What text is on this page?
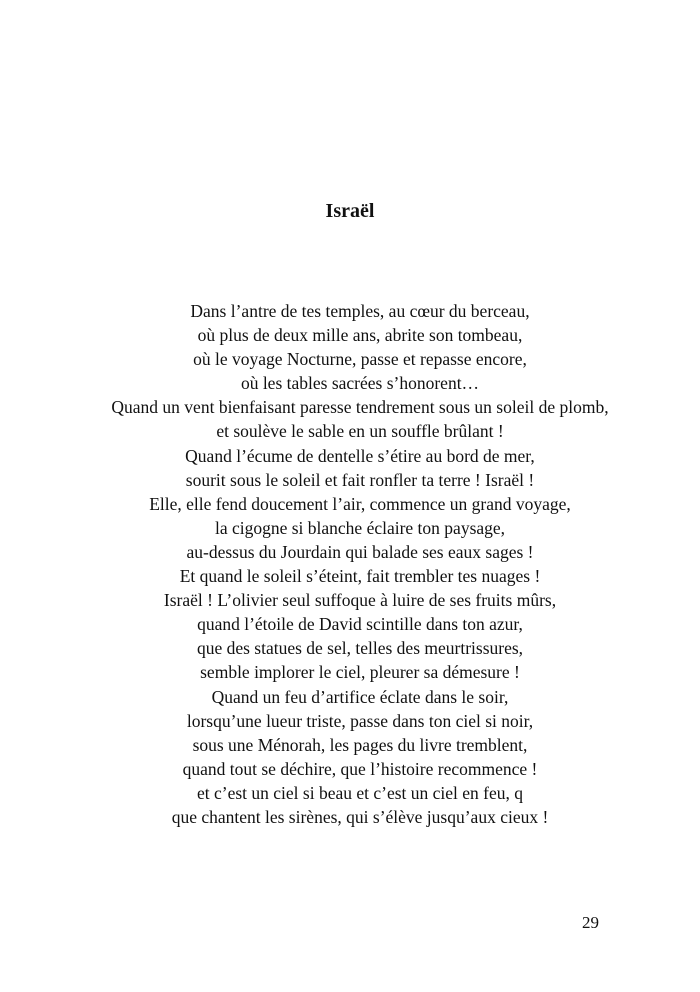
Israël
Dans l’antre de tes temples, au cœur du berceau,
où plus de deux mille ans, abrite son tombeau,
où le voyage Nocturne, passe et repasse encore,
où les tables sacrées s’honorent…
Quand un vent bienfaisant paresse tendrement sous un soleil de plomb,
et soulève le sable en un souffle brûlant !
Quand l’écume de dentelle s’étire au bord de mer,
sourit sous le soleil et fait ronfler ta terre ! Israël !
Elle, elle fend doucement l’air, commence un grand voyage,
la cigogne si blanche éclaire ton paysage,
au-dessus du Jourdain qui balade ses eaux sages !
Et quand le soleil s’éteint, fait trembler tes nuages !
Israël ! L’olivier seul suffoque à luire de ses fruits mûrs,
quand l’étoile de David scintille dans ton azur,
que des statues de sel, telles des meurtrissures,
semble implorer le ciel, pleurer sa démesure !
Quand un feu d’artifice éclate dans le soir,
lorsqu’une lueur triste, passe dans ton ciel si noir,
sous une Ménorah, les pages du livre tremblent,
quand tout se déchire, que l’histoire recommence !
et c’est un ciel si beau et c’est un ciel en feu, q
que chantent les sirènes, qui s’élève jusqu’aux cieux !
29
